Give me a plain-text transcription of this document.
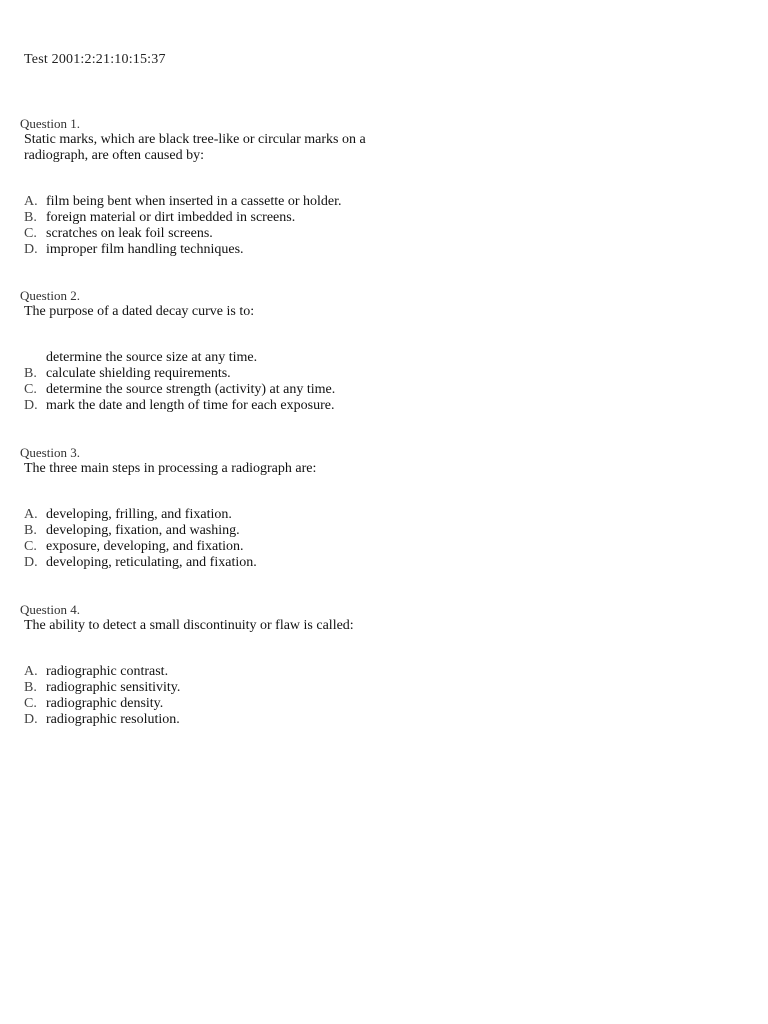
Test 2001:2:21:10:15:37
Question 1.
Static marks, which are black tree-like or circular marks on a radiograph, are often caused by:
A. film being bent when inserted in a cassette or holder.
B. foreign material or dirt imbedded in screens.
C. scratches on leak foil screens.
D. improper film handling techniques.
Question 2.
The purpose of a dated decay curve is to:
determine the source size at any time.
B. calculate shielding requirements.
C. determine the source strength (activity) at any time.
D. mark the date and length of time for each exposure.
Question 3.
The three main steps in processing a radiograph are:
A. developing, frilling, and fixation.
B. developing, fixation, and washing.
C. exposure, developing, and fixation.
D. developing, reticulating, and fixation.
Question 4.
The ability to detect a small discontinuity or flaw is called:
A. radiographic contrast.
B. radiographic sensitivity.
C. radiographic density.
D. radiographic resolution.
